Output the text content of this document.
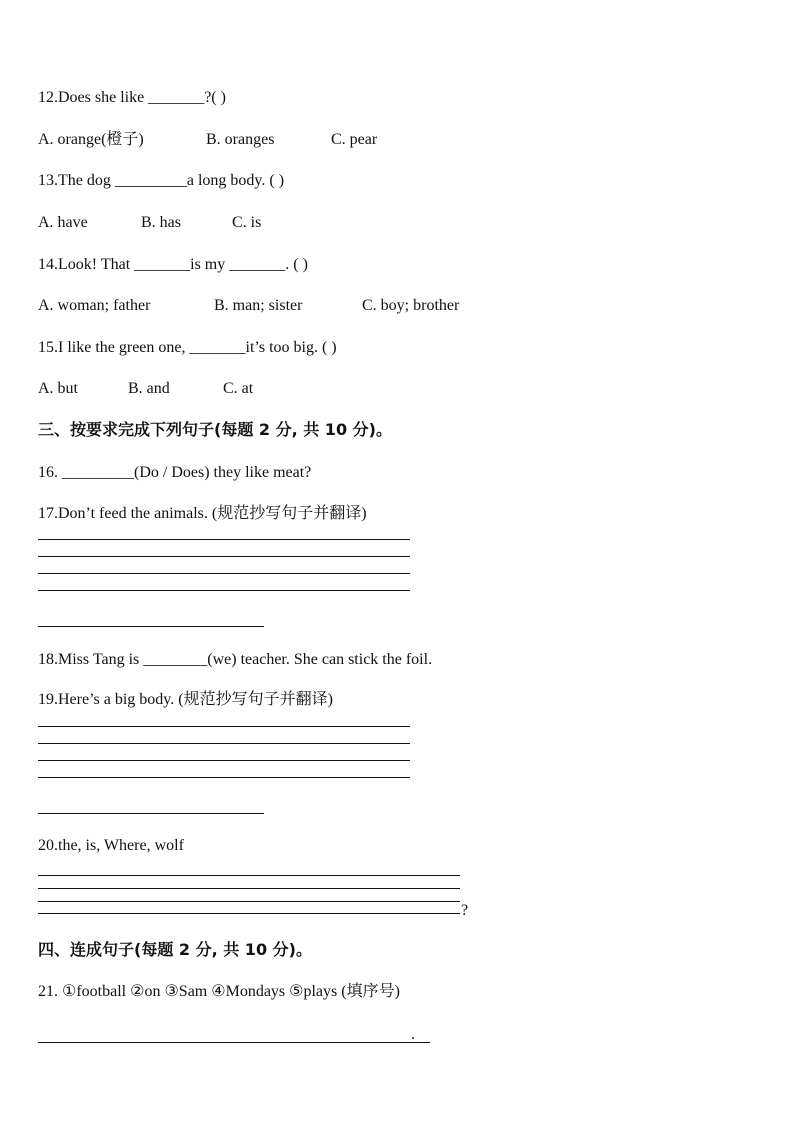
12.Does she like _______?( )
A. orange(橙子)	B. oranges	C. pear
13.The dog _________a long body. ( )
A. have	B. has	C. is
14.Look! That _______is my _______. ( )
A. woman; father	B. man; sister	C. boy; brother
15.I like the green one, _______it’s too big. ( )
A. but	B. and	C. at
三、按要求完成下列句子(每题 2 分, 共 10 分)。
16. _________(Do / Does) they like meat?
17.Don’t feed the animals. (规范抄写句子并翻译)
18.Miss Tang is ________(we) teacher. She can stick the foil.
19.Here’s a big body. (规范抄写句子并翻译)
20.the, is, Where, wolf
?
四、连成句子(每题 2 分, 共 10 分)。
21. ①football ②on ③Sam ④Mondays ⑤plays (填序号)
.
